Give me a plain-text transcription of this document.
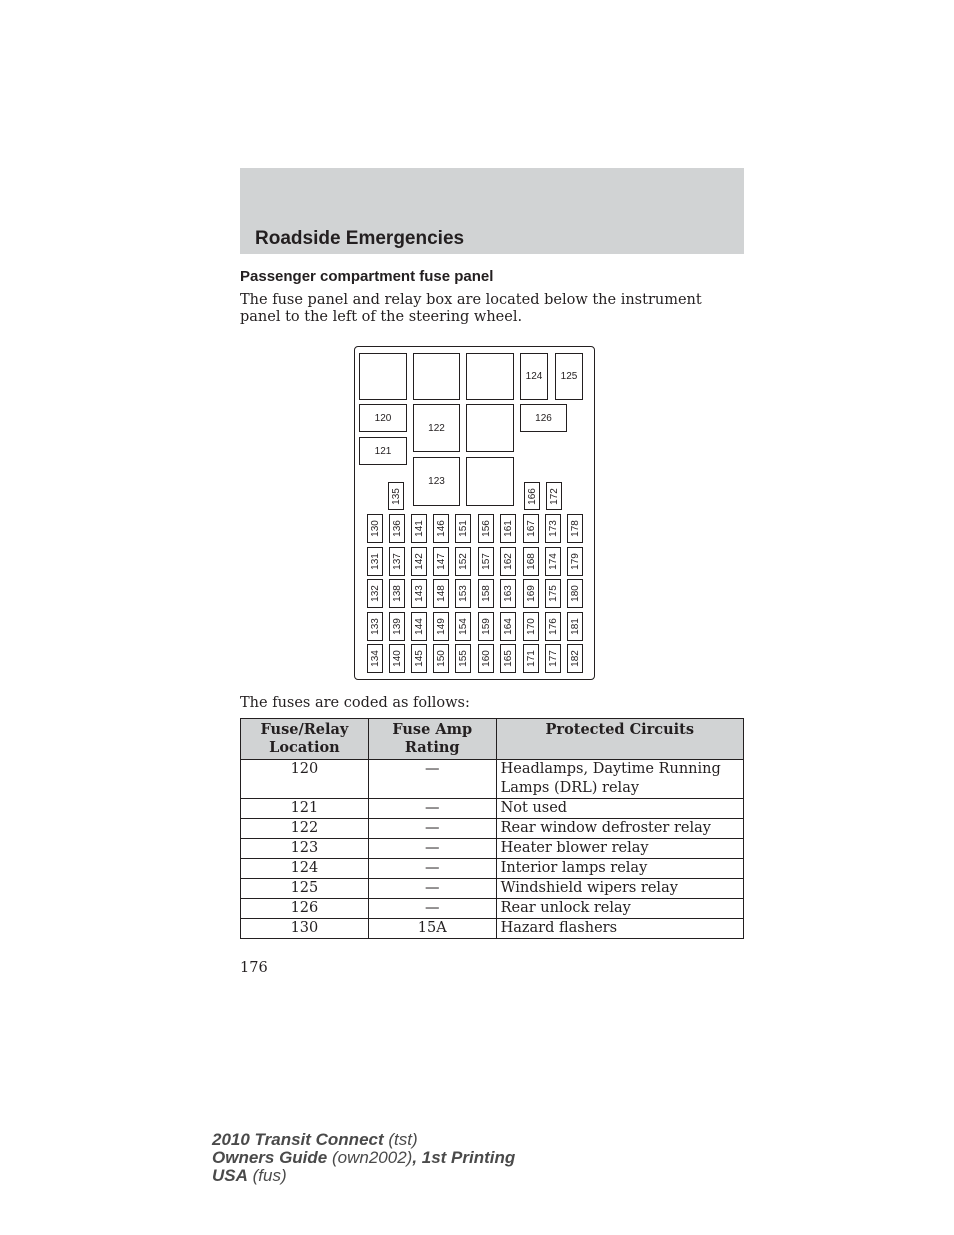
Roadside Emergencies
Passenger compartment fuse panel
The fuse panel and relay box are located below the instrument panel to the left of the steering wheel.
124 125
120
122
126
121
123
135	166 172
130
131
132
133
134
136
137
138
139
140
141
142
143
144
145
146
147
148
149
150
151
152
153
154
155
156
157
158
159
160
161
162
163
164
165
167
168
169
170
171
173
174
175
176
177
178
179
180
181
182
The fuses are coded as follows:
Fuse/Relay Location	Fuse Amp Rating	Protected Circuits
120	—	Headlamps, Daytime Running Lamps (DRL) relay
121	—	Not used
122	—	Rear window defroster relay
123	—	Heater blower relay
124	—	Interior lamps relay
125	—	Windshield wipers relay
126	—	Rear unlock relay
130	15A	Hazard flashers
176
2010 Transit Connect (tst)
Owners Guide (own2002), 1st Printing
USA (fus)
